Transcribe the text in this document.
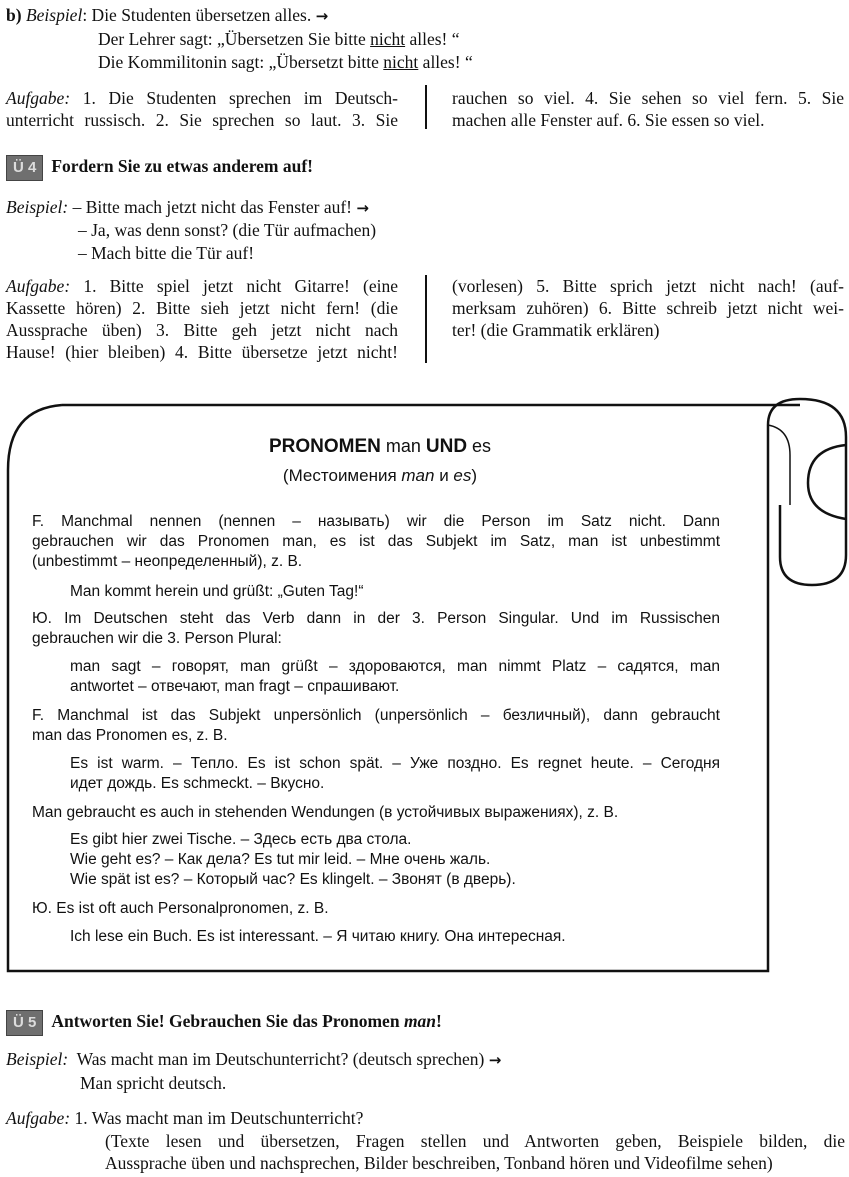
b) Beispiel: Die Studenten übersetzen alles. →
Der Lehrer sagt: „Übersetzen Sie bitte nicht alles! “
Die Kommilitonin sagt: „Übersetzt bitte nicht alles! “
Aufgabe: 1. Die Studenten sprechen im Deutsch-
unterricht russisch. 2. Sie sprechen so laut. 3. Sie
rauchen so viel. 4. Sie sehen so viel fern. 5. Sie
machen alle Fenster auf. 6. Sie essen so viel.
Ü 4 Fordern Sie zu etwas anderem auf!
Beispiel: – Bitte mach jetzt nicht das Fenster auf! →
– Ja, was denn sonst? (die Tür aufmachen)
– Mach bitte die Tür auf!
Aufgabe: 1. Bitte spiel jetzt nicht Gitarre! (eine
Kassette hören) 2. Bitte sieh jetzt nicht fern! (die
Aussprache üben) 3. Bitte geh jetzt nicht nach
Hause! (hier bleiben) 4. Bitte übersetze jetzt nicht!
(vorlesen) 5. Bitte sprich jetzt nicht nach! (auf-
merksam zuhören) 6. Bitte schreib jetzt nicht wei-
ter! (die Grammatik erklären)
PRONOMEN man UND es
(Местоимения man и es)
F. Manchmal nennen (nennen – называть) wir die Person im Satz nicht. Dann
gebrauchen wir das Pronomen man, es ist das Subjekt im Satz, man ist unbestimmt
(unbestimmt – неопределенный), z. B.
Man kommt herein und grüßt: „Guten Tag!“
Ю. Im Deutschen steht das Verb dann in der 3. Person Singular. Und im Russischen
gebrauchen wir die 3. Person Plural:
man sagt – говорят, man grüßt – здороваются, man nimmt Platz – садятся, man
antwortet – отвечают, man fragt – спрашивают.
F. Manchmal ist das Subjekt unpersönlich (unpersönlich – безличный), dann gebraucht
man das Pronomen es, z. B.
Es ist warm. – Тепло. Es ist schon spät. – Уже поздно. Es regnet heute. – Сегодня
идет дождь. Es schmeckt. – Вкусно.
Man gebraucht es auch in stehenden Wendungen (в устойчивых выражениях), z. B.
Es gibt hier zwei Tische. – Здесь есть два стола.
Wie geht es? – Как дела? Es tut mir leid. – Мне очень жаль.
Wie spät ist es? – Который час? Es klingelt. – Звонят (в дверь).
Ю. Es ist oft auch Personalpronomen, z. B.
Ich lese ein Buch. Es ist interessant. – Я читаю книгу. Она интересная.
Ü 5 Antworten Sie! Gebrauchen Sie das Pronomen man!
Beispiel: Was macht man im Deutschunterricht? (deutsch sprechen) →
Man spricht deutsch.
Aufgabe: 1. Was macht man im Deutschunterricht?
(Texte lesen und übersetzen, Fragen stellen und Antworten geben, Beispiele bilden, die
Aussprache üben und nachsprechen, Bilder beschreiben, Tonband hören und Videofilme sehen)
